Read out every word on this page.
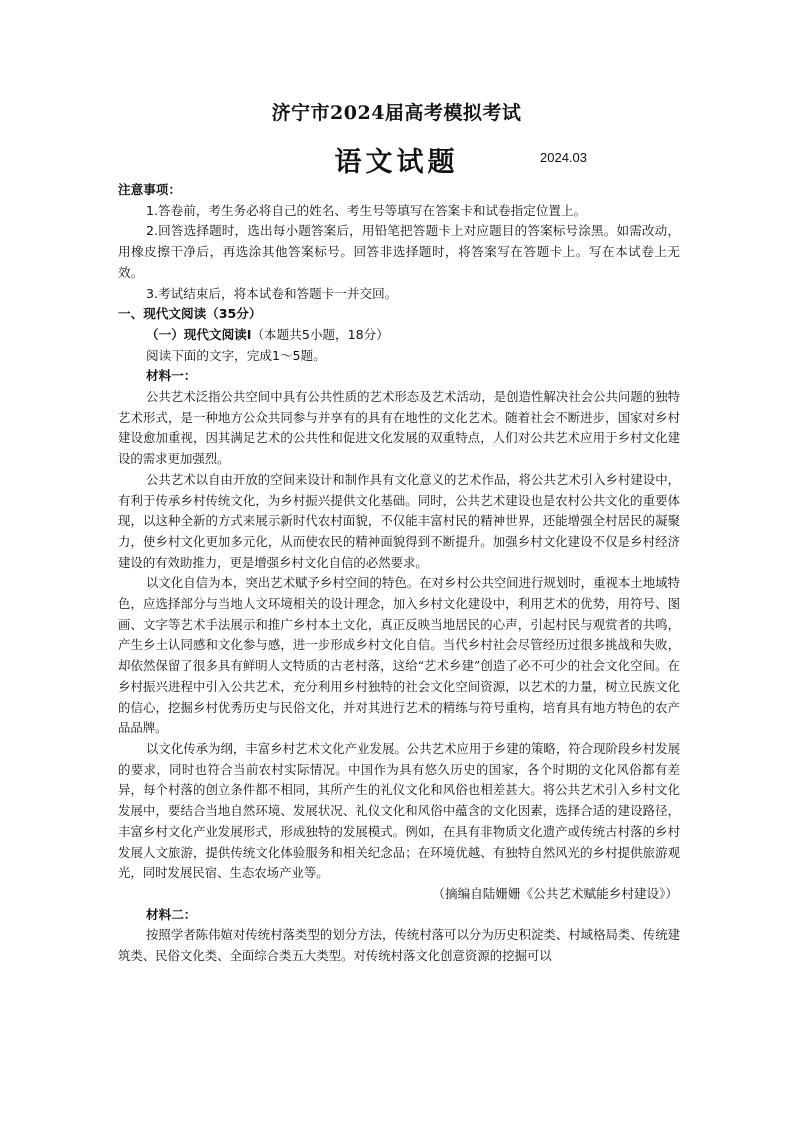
济宁市2024届高考模拟考试
语文试题	2024.03

注意事项：

1.答卷前，考生务必将自己的姓名、考生号等填写在答案卡和试卷指定位置上。

2.回答选择题时，选出每小题答案后，用铅笔把答题卡上对应题目的答案标号涂黑。如需改动，用橡皮擦干净后，再选涂其他答案标号。回答非选择题时，将答案写在答题卡上。写在本试卷上无效。

3.考试结束后，将本试卷和答题卡一并交回。

一、现代文阅读（35分）

（一）现代文阅读Ⅰ（本题共5小题，18分）

阅读下面的文字，完成1～5题。

材料一：

公共艺术泛指公共空间中具有公共性质的艺术形态及艺术活动，是创造性解决社会公共问题的独特艺术形式，是一种地方公众共同参与并享有的具有在地性的文化艺术。随着社会不断进步，国家对乡村建设愈加重视，因其满足艺术的公共性和促进文化发展的双重特点，人们对公共艺术应用于乡村文化建设的需求更加强烈。

公共艺术以自由开放的空间来设计和制作具有文化意义的艺术作品，将公共艺术引入乡村建设中，有利于传承乡村传统文化，为乡村振兴提供文化基础。同时，公共艺术建设也是农村公共文化的重要体现，以这种全新的方式来展示新时代农村面貌，不仅能丰富村民的精神世界，还能增强全村居民的凝聚力，使乡村文化更加多元化，从而使农民的精神面貌得到不断提升。加强乡村文化建设不仅是乡村经济建设的有效助推力，更是增强乡村文化自信的必然要求。

以文化自信为本，突出艺术赋予乡村空间的特色。在对乡村公共空间进行规划时，重视本土地域特色，应选择部分与当地人文环境相关的设计理念，加入乡村文化建设中，利用艺术的优势，用符号、图画、文字等艺术手法展示和推广乡村本土文化，真正反映当地居民的心声，引起村民与观赏者的共鸣，产生乡土认同感和文化参与感，进一步形成乡村文化自信。当代乡村社会尽管经历过很多挑战和失败，却依然保留了很多具有鲜明人文特质的古老村落，这给“艺术乡建”创造了必不可少的社会文化空间。在乡村振兴进程中引入公共艺术，充分利用乡村独特的社会文化空间资源，以艺术的力量，树立民族文化的信心，挖掘乡村优秀历史与民俗文化，并对其进行艺术的精练与符号重构，培育具有地方特色的农产品品牌。

以文化传承为纲，丰富乡村艺术文化产业发展。公共艺术应用于乡建的策略，符合现阶段乡村发展的要求，同时也符合当前农村实际情况。中国作为具有悠久历史的国家，各个时期的文化风俗都有差异，每个村落的创立条件都不相同，其所产生的礼仪文化和风俗也相差甚大。将公共艺术引入乡村文化发展中，要结合当地自然环境、发展状况、礼仪文化和风俗中蕴含的文化因素，选择合适的建设路径，丰富乡村文化产业发展形式，形成独特的发展模式。例如，在具有非物质文化遗产或传统古村落的乡村发展人文旅游，提供传统文化体验服务和相关纪念品；在环境优越、有独特自然风光的乡村提供旅游观光，同时发展民宿、生态农场产业等。

（摘编自陆姗姗《公共艺术赋能乡村建设》）

材料二：

按照学者陈伟媗对传统村落类型的划分方法，传统村落可以分为历史积淀类、村域格局类、传统建筑类、民俗文化类、全面综合类五大类型。对传统村落文化创意资源的挖掘可以
